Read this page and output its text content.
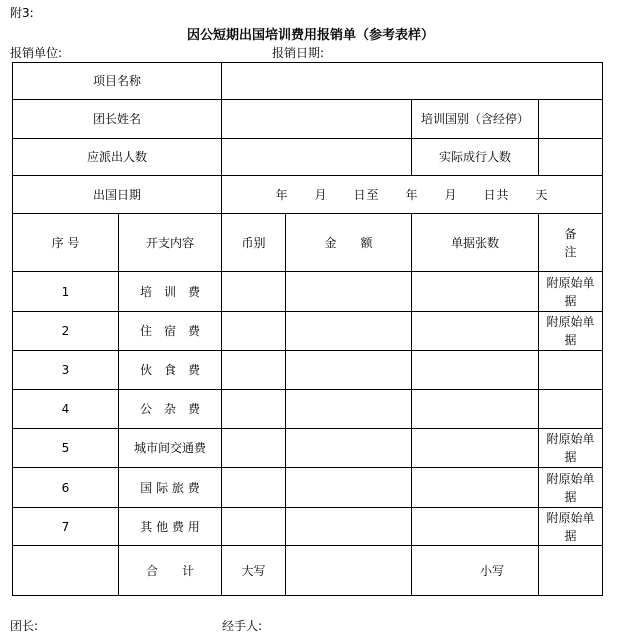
附3:
因公短期出国培训费用报销单（参考表样）
报销单位:	报销日期:
项目名称					
团长姓名				培训国别（含经停）	
应派出人数				实际成行人数	
出国日期		年　　月　　日至　　年　　月　　日共　　天			
序 号	开支内容	币别	金　　额	单据张数	备
注
1	培　训　费				附原始单据
2	住　宿　费				附原始单据
3	伙　食　费				
4	公　杂　费				
5	城市间交通费				附原始单据
6	国 际 旅 费				附原始单据
7	其 他 费 用				附原始单据
	合　　计	大写		小写	
团长:	经手人:
